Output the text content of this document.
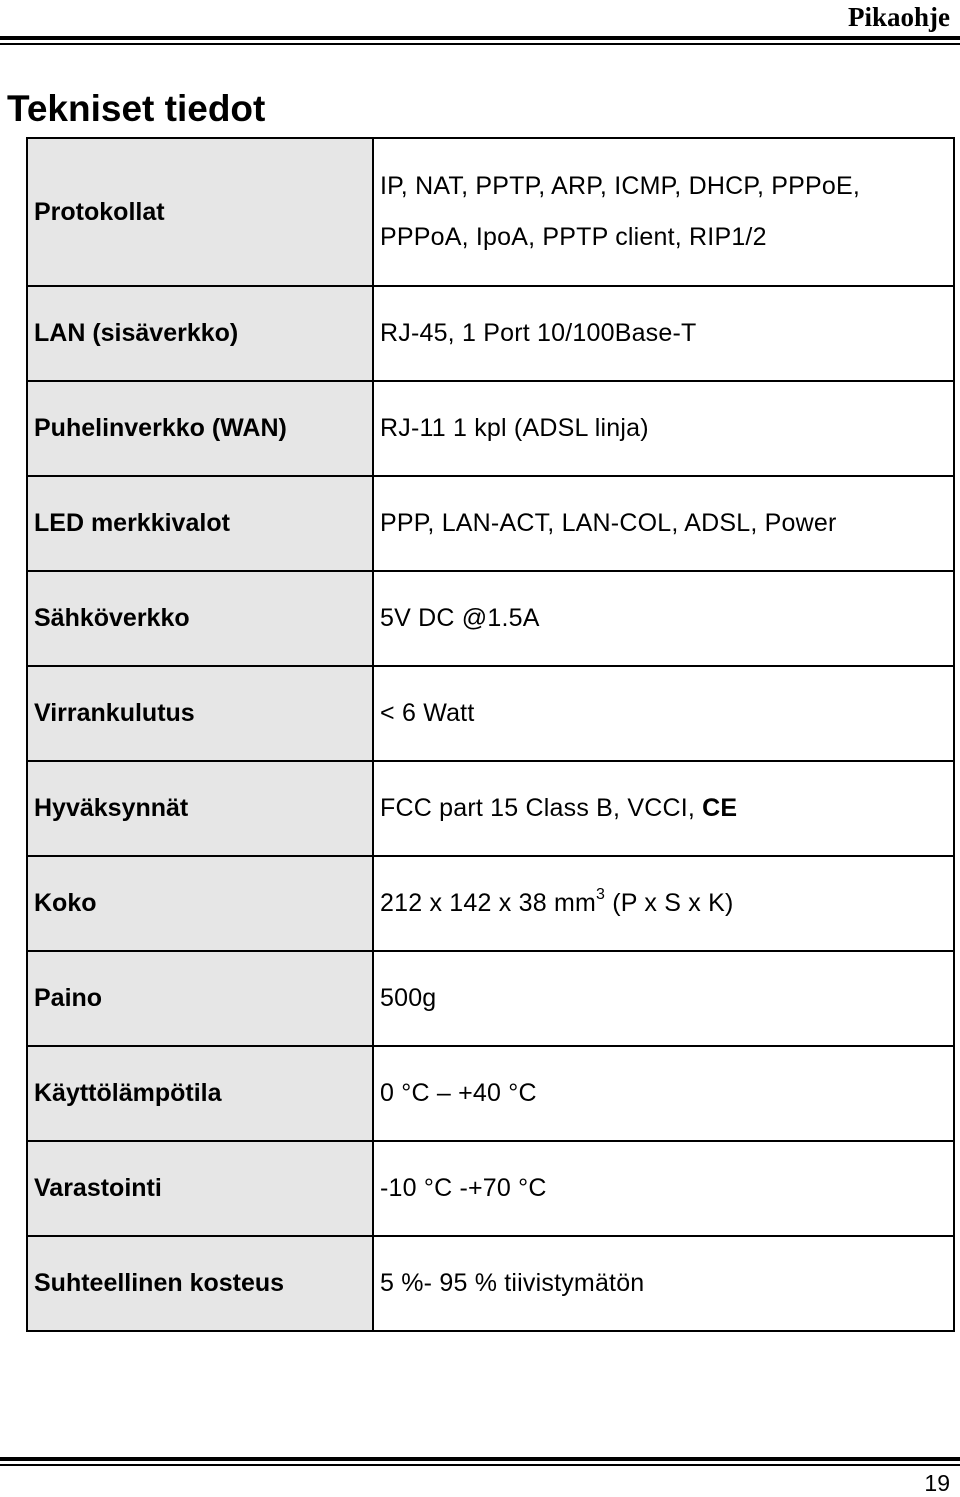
Pikaohje
Tekniset tiedot
Protokollat	IP, NAT, PPTP, ARP, ICMP, DHCP, PPPoE,
PPPoA, IpoA, PPTP client, RIP1/2

LAN (sisäverkko)	RJ-45, 1 Port 10/100Base-T
Puhelinverkko (WAN)	RJ-11 1 kpl (ADSL linja)
LED merkkivalot	PPP, LAN-ACT, LAN-COL, ADSL, Power
Sähköverkko	5V DC @1.5A
Virrankulutus	< 6 Watt
Hyväksynnät	FCC part 15 Class B, VCCI, CE
Koko	212 x 142 x 38 $mm^3$ (P x S x K)
Paino	500g
Käyttölämpötila	0 °C – +40 °C
Varastointi	-10 °C -+70 °C
Suhteellinen kosteus	5 %- 95 % tiivistymätön
19
